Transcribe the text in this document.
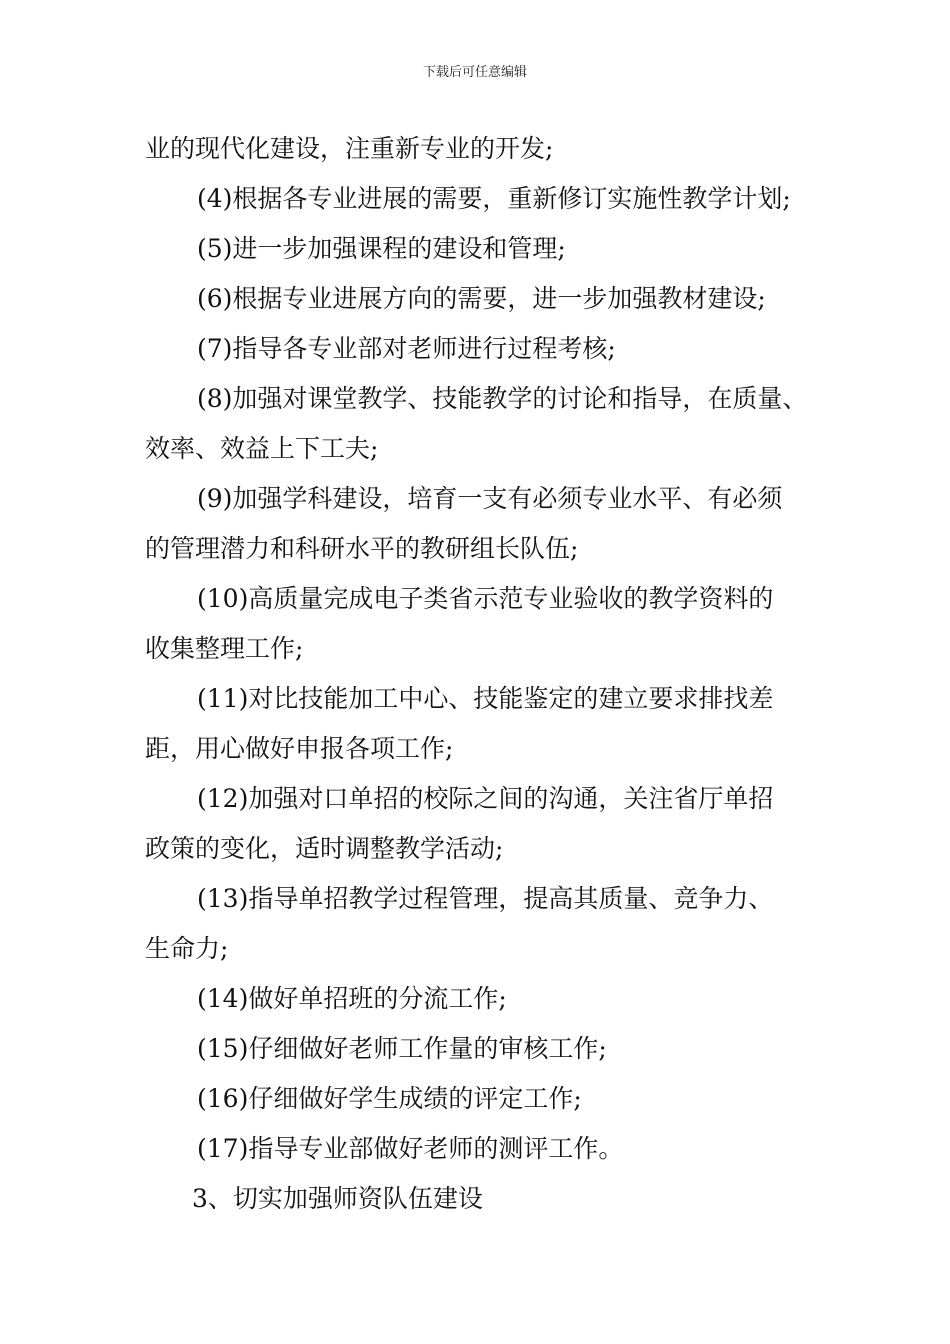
下载后可任意编辑
业的现代化建设，注重新专业的开发;
(4)根据各专业进展的需要，重新修订实施性教学计划;
(5)进一步加强课程的建设和管理;
(6)根据专业进展方向的需要，进一步加强教材建设;
(7)指导各专业部对老师进行过程考核;
(8)加强对课堂教学、技能教学的讨论和指导，在质量、
效率、效益上下工夫;
(9)加强学科建设，培育一支有必须专业水平、有必须
的管理潜力和科研水平的教研组长队伍;
(10)高质量完成电子类省示范专业验收的教学资料的
收集整理工作;
(11)对比技能加工中心、技能鉴定的建立要求排找差
距，用心做好申报各项工作;
(12)加强对口单招的校际之间的沟通，关注省厅单招
政策的变化，适时调整教学活动;
(13)指导单招教学过程管理，提高其质量、竞争力、
生命力;
(14)做好单招班的分流工作;
(15)仔细做好老师工作量的审核工作;
(16)仔细做好学生成绩的评定工作;
(17)指导专业部做好老师的测评工作。
3、切实加强师资队伍建设
